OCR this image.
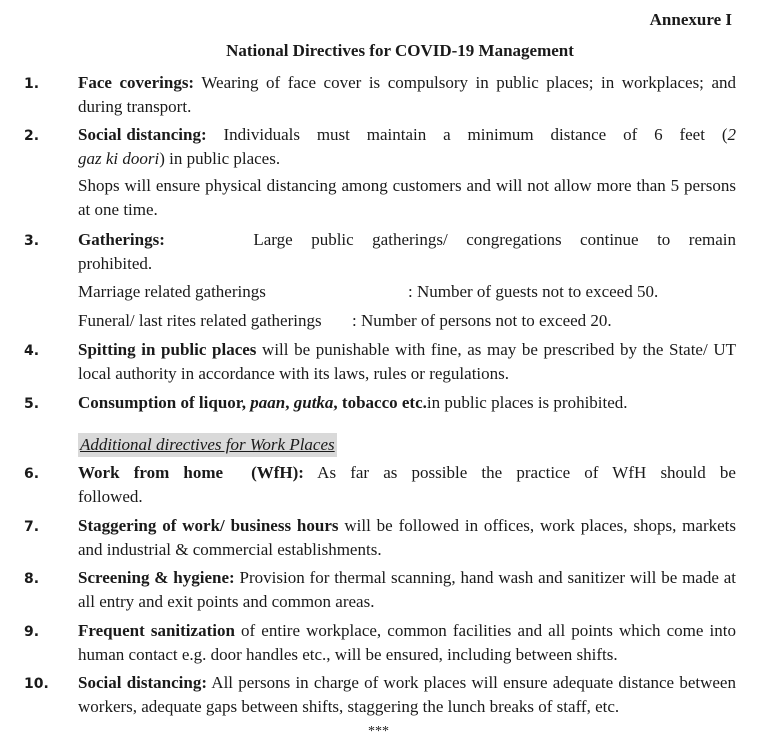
Annexure I
National Directives for COVID-19 Management
1.	Face coverings: Wearing of face cover is compulsory in public places; in workplaces; and during transport.
2.	Social distancing: Individuals must maintain a minimum distance of 6 feet (2 gaz ki doori) in public places.
Shops will ensure physical distancing among customers and will not allow more than 5 persons at one time.
3.	Gatherings:	Large public gatherings/ congregations continue to remain prohibited.
Marriage related gatherings	: Number of guests not to exceed 50.
Funeral/ last rites related gatherings : Number of persons not to exceed 20.
4.	Spitting in public places will be punishable with fine, as may be prescribed by the State/ UT local authority in accordance with its laws, rules or regulations.
5.	Consumption of liquor, paan, gutka, tobacco etc.in public places is prohibited.
Additional directives for Work Places
6.	Work from home (WfH): As far as possible the practice of WfH should be followed.
7.	Staggering of work/ business hours will be followed in offices, work places, shops, markets and industrial & commercial establishments.
8.	Screening & hygiene: Provision for thermal scanning, hand wash and sanitizer will be made at all entry and exit points and common areas.
9.	Frequent sanitization of entire workplace, common facilities and all points which come into human contact e.g. door handles etc., will be ensured, including between shifts.
10.	Social distancing: All persons in charge of work places will ensure adequate distance between workers, adequate gaps between shifts, staggering the lunch breaks of staff, etc.
***
